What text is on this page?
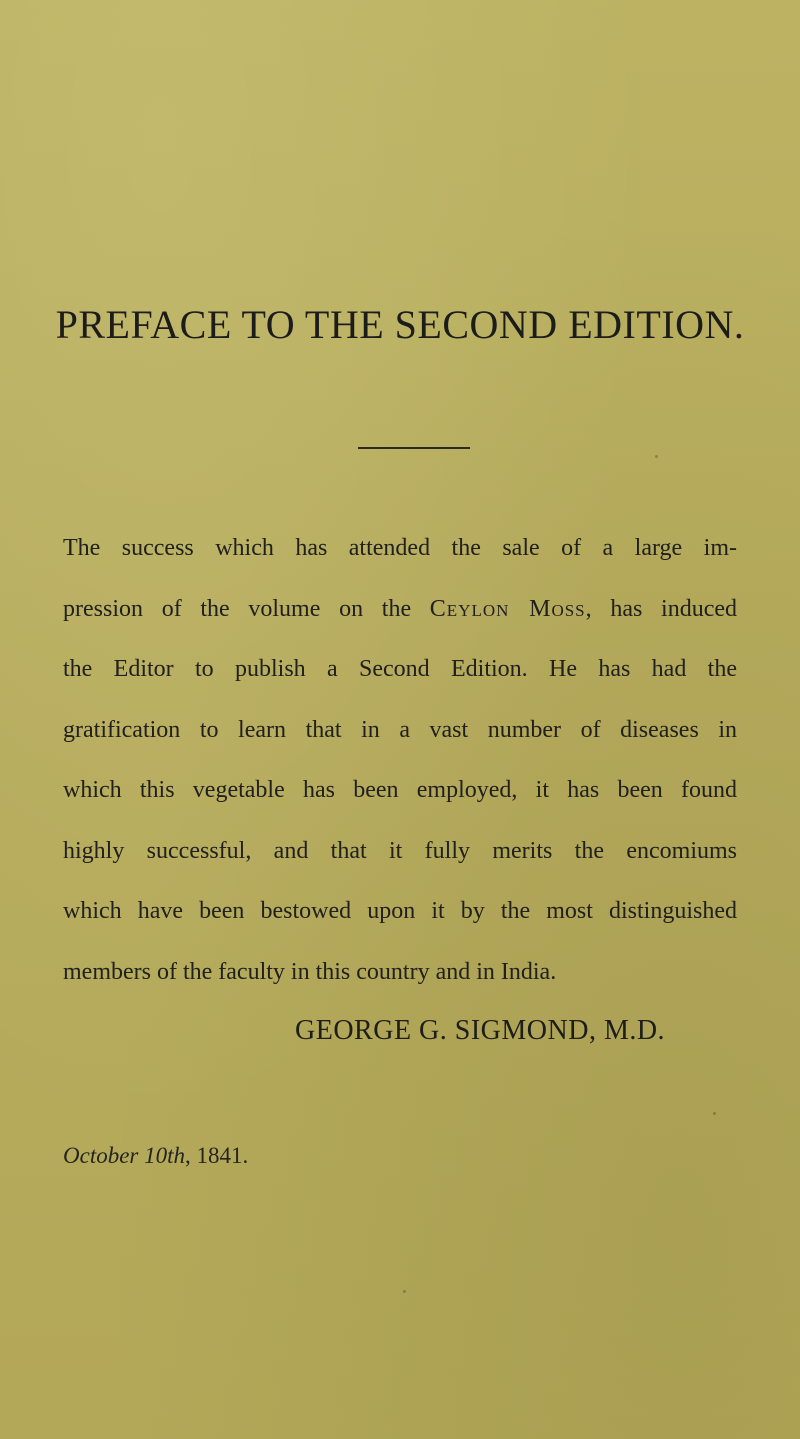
PREFACE TO THE SECOND EDITION.
The success which has attended the sale of a large im-
pression of the volume on the Ceylon Moss, has induced
the Editor to publish a Second Edition. He has had the
gratification to learn that in a vast number of diseases in
which this vegetable has been employed, it has been found
highly successful, and that it fully merits the encomiums
which have been bestowed upon it by the most distinguished
members of the faculty in this country and in India.
GEORGE G. SIGMOND, M.D.
October 10th, 1841.
